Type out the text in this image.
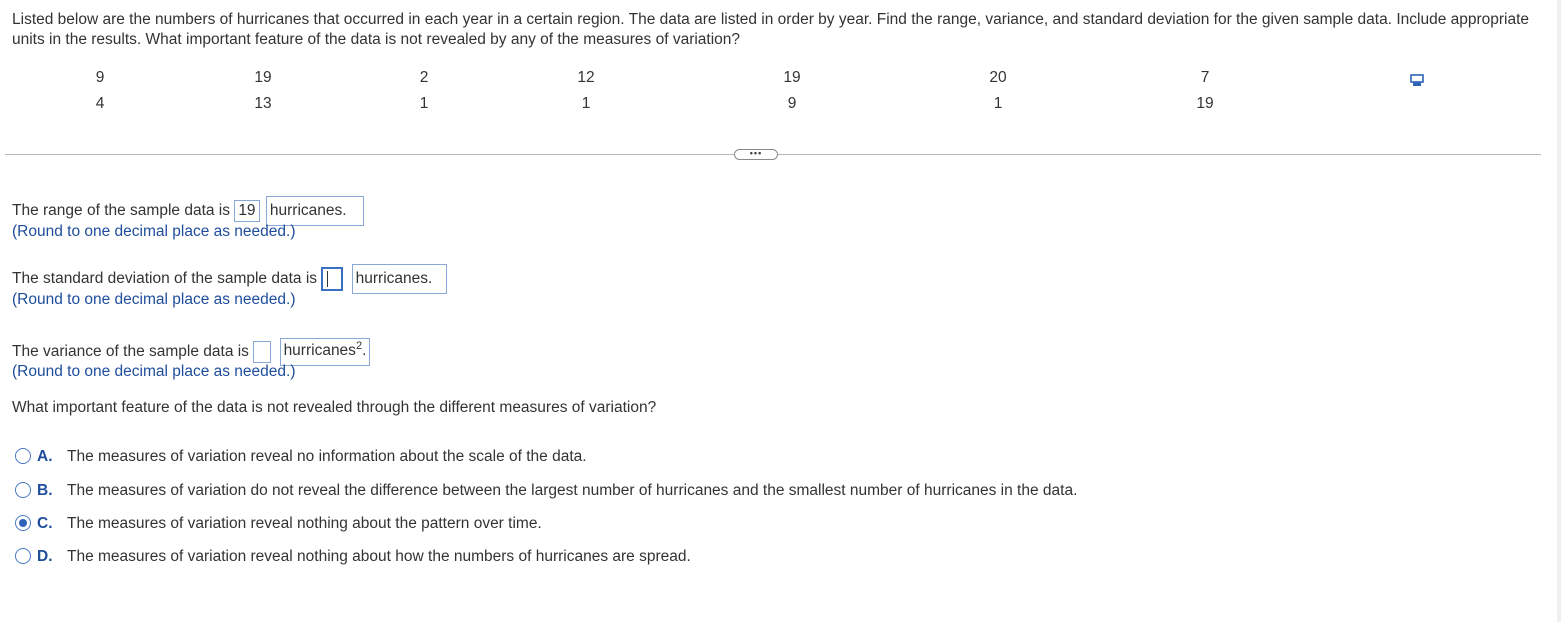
Listed below are the numbers of hurricanes that occurred in each year in a certain region. The data are listed in order by year. Find the range, variance, and standard deviation for the given sample data. Include appropriate units in the results. What important feature of the data is not revealed by any of the measures of variation?
9	19	2	12	19	20	7
4	13	1	1	9	1	19
•••
The range of the sample data is 19 hurricanes.
(Round to one decimal place as needed.)
The standard deviation of the sample data is hurricanes.
(Round to one decimal place as needed.)
The variance of the sample data is hurricanes$^2$.
(Round to one decimal place as needed.)
What important feature of the data is not revealed through the different measures of variation?
A. The measures of variation reveal no information about the scale of the data.
B. The measures of variation do not reveal the difference between the largest number of hurricanes and the smallest number of hurricanes in the data.
C. The measures of variation reveal nothing about the pattern over time.
D. The measures of variation reveal nothing about how the numbers of hurricanes are spread.
